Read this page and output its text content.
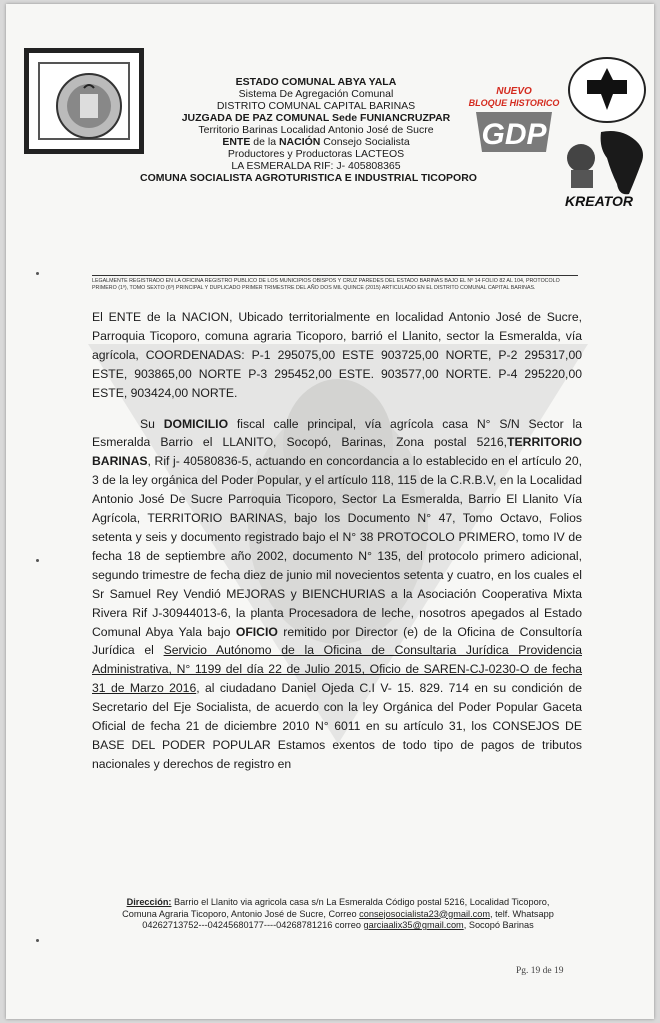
ESTADO COMUNAL ABYA YALA
Sistema De Agregación Comunal
DISTRITO COMUNAL CAPITAL BARINAS
JUZGADA DE PAZ COMUNAL Sede FUNIANCRUZPAR
Territorio Barinas Localidad Antonio José de Sucre
ENTE de la NACIÓN Consejo Socialista
Productores y Productoras LACTEOS
LA ESMERALDA RIF: J- 405808365
COMUNA SOCIALISTA AGROTURISTICA E INDUSTRIAL TICOPORO
NUEVO
BLOQUE HISTORICO
GDP
KREATOR
LEGALMENTE REGISTRADO EN LA OFICINA REGISTRO PUBLICO DE LOS MUNICIPIOS OBISPOS Y CRUZ PAREDES DEL ESTADO BARINAS BAJO EL Nº 14 FOLIO 82 AL 104, PROTOCOLO PRIMERO (1º), TOMO SEXTO (6º) PRINCIPAL Y DUPLICADO PRIMER TRIMESTRE DEL AÑO DOS MIL QUINCE (2015) ARTICULADO EN EL DISTRITO COMUNAL CAPITAL BARINAS.

El ENTE de la NACION, Ubicado territorialmente en localidad Antonio José de Sucre, Parroquia Ticoporo, comuna agraria Ticoporo, barrió el Llanito, sector la Esmeralda, vía agrícola, COORDENADAS: P-1 295075,00 ESTE 903725,00 NORTE, P-2 295317,00 ESTE, 903865,00 NORTE P-3 295452,00 ESTE. 903577,00 NORTE. P-4 295220,00 ESTE, 903424,00 NORTE.

Su DOMICILIO fiscal calle principal, vía agrícola casa N° S/N Sector la Esmeralda Barrio el LLANITO, Socopó, Barinas, Zona postal 5216,TERRITORIO BARINAS, Rif j- 40580836-5, actuando en concordancia a lo establecido en el artículo 20, 3 de la ley orgánica del Poder Popular, y el artículo 118, 115 de la C.R.B.V, en la Localidad Antonio José De Sucre Parroquia Ticoporo, Sector La Esmeralda, Barrio El Llanito Vía Agrícola, TERRITORIO BARINAS, bajo los Documento N° 47, Tomo Octavo, Folios setenta y seis y documento registrado bajo el N° 38 PROTOCOLO PRIMERO, tomo IV de fecha 18 de septiembre año 2002, documento N° 135, del protocolo primero adicional, segundo trimestre de fecha diez de junio mil novecientos setenta y cuatro, en los cuales el Sr Samuel Rey Vendió MEJORAS y BIENCHURIAS a la Asociación Cooperativa Mixta Rivera Rif J-30944013-6, la planta Procesadora de leche, nosotros apegados al Estado Comunal Abya Yala bajo OFICIO remitido por Director (e) de la Oficina de Consultoría Jurídica el Servicio Autónomo de la Oficina de Consultaria Jurídica Providencia Administrativa, N° 1199 del día 22 de Julio 2015, Oficio de SAREN-CJ-0230-O de fecha 31 de Marzo 2016, al ciudadano Daniel Ojeda C.I V- 15. 829. 714 en su condición de Secretario del Eje Socialista, de acuerdo con la ley Orgánica del Poder Popular Gaceta Oficial de fecha 21 de diciembre 2010 N° 6011 en su artículo 31, los CONSEJOS DE BASE DEL PODER POPULAR Estamos exentos de todo tipo de pagos de tributos nacionales y derechos de registro en

Dirección: Barrio el Llanito via agricola casa s/n La Esmeralda Código postal 5216, Localidad Ticoporo,
Comuna Agraria Ticoporo, Antonio José de Sucre, Correo consejosocialista23@gmail.com, telf. Whatsapp
04262713752---04245680177----04268781216 correo garciaalix35@gmail.com, Socopó Barinas
Pg. 19 de 19
